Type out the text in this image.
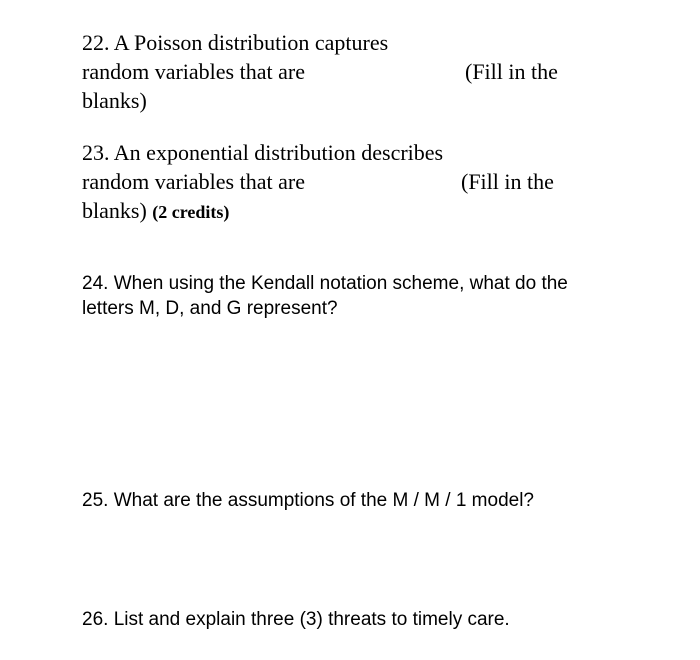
22. A Poisson distribution captures
random variables that are	(Fill in the
blanks)
23. An exponential distribution describes
random variables that are	(Fill in the
blanks) (2 credits)
24. When using the Kendall notation scheme, what do the
letters M, D, and G represent?
25. What are the assumptions of the M / M / 1 model?
26. List and explain three (3) threats to timely care.
